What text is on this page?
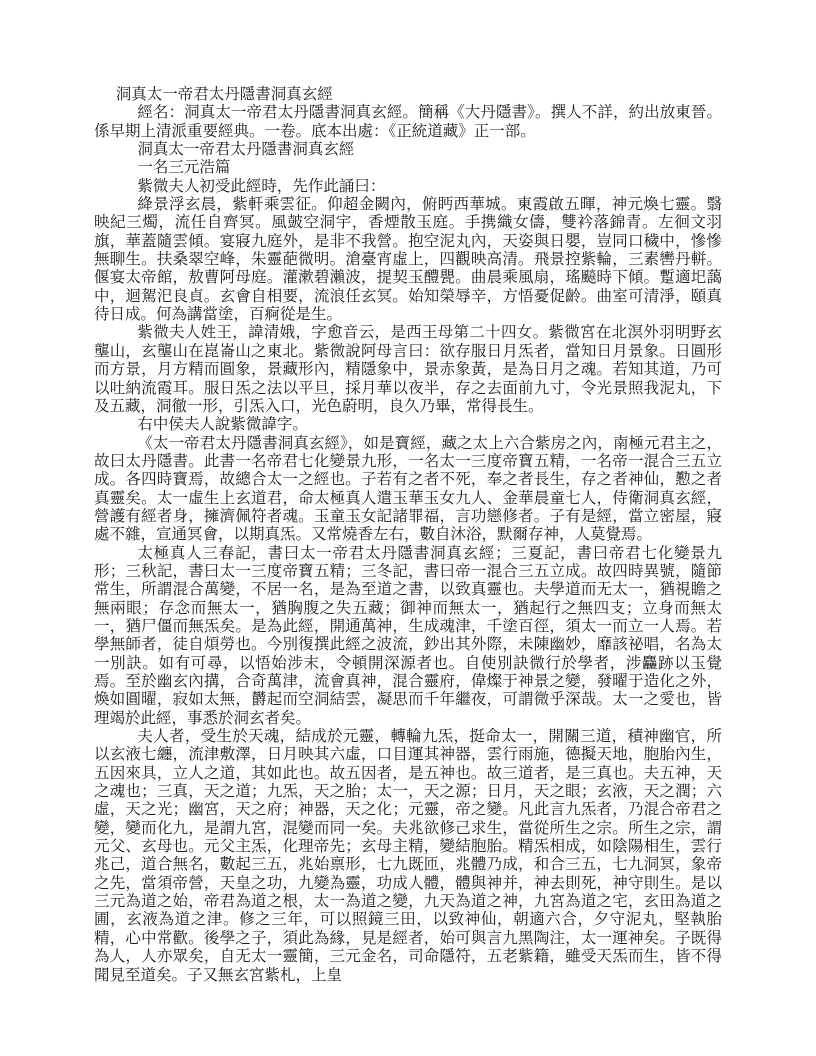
洞真太一帝君太丹隱書洞真玄經

經名：洞真太一帝君太丹隱書洞真玄經。簡稱《大丹隱書》。撰人不詳，約出放東晉。係早期上清派重要經典。一卷。底本出處：《正統道藏》正一部。

洞真太一帝君太丹隱書洞真玄經

一名三元浩篇

紫微夫人初受此經時，先作此誦曰：

絳景浮玄晨，紫軒乘雲征。仰超金闕內，俯眄西華城。東霞啟五暉，神元煥七靈。翳映紀三燭，流任自齊冥。風皷空洞宇，香煙散玉庭。手携織女儔，雙衿落錦青。左徊文羽旗，華蓋隨雲傾。宴寢九庭外，是非不我營。抱空泥丸內，天姿與日嬰，豈同口穢中，慘慘無聊生。扶桑翠空峰，朱靈葩微明。滄臺宵虛上，四觀映高清。飛景控紫輪，三素轡丹軿。偃宴太帝館，敖曹阿母庭。灌漱碧瀨波，提契玉醴甖。曲晨乘風扇，瑤飈時下傾。蹔適圯藹中，迴駕汜良貞。玄會自相要，流浪任玄冥。始知榮辱辛，方悟憂促齡。曲室可清淨，頤真待日成。何為講當塗，百痾從是生。

紫微夫人姓王，諱清娥，字愈音云，是西王母第二十四女。紫微宮在北溟外羽明野玄壟山，玄壟山在崑崙山之東北。紫微說阿母言曰：欲存服日月炁者，當知日月景象。日圓形而方景，月方精而圓象，景藏形內，精隱象中，景赤象黃，是為日月之魂。若知其道，乃可以吐納流霞耳。服日炁之法以平旦，採月華以夜半，存之去面前九寸，令光景照我泥丸，下及五藏，洞徹一形，引炁入口，光色蔚明，良久乃畢，常得長生。

右中侯夫人說紫微諱字。

《太一帝君太丹隱書洞真玄經》，如是寶經，藏之太上六合紫房之內，南極元君主之，故曰太丹隱書。此書一名帝君七化變景九形，一名太一三度帝寶五精，一名帝一混合三五立成。各四時寶焉，故總合太一之經也。子若有之者不死，奉之者長生，存之者神仙，懃之者真靈矣。太一虛生上玄道君，命太極真人遣玉華玉女九人、金華晨童七人，侍衛洞真玄經，營護有經者身，擁濟佩符者魂。玉童玉女記諸罪福，言功戀修者。子有是經，當立密屋，寢處不雜，宣通冥會，以期真炁。又常燒香左右，數自沐浴，默爾存神，人莫覺焉。

太極真人三春記，書曰太一帝君太丹隱書洞真玄經；三夏記，書曰帝君七化變景九形；三秋記，書曰太一三度帝寶五精；三冬記，書曰帝一混合三五立成。故四時異號，隨節常生，所謂混合萬變，不居一名，是為至道之書，以致真靈也。夫學道而无太一，猶視瞻之無兩眼；存念而無太一，猶胸腹之失五藏；御神而無太一，猶起行之無四支；立身而無太一，猶尸僵而無炁矣。是為此經，開通萬神，生成魂津，千塗百徑，須太一而立一人焉。若學無師者，徒自煩勞也。今別復撰此經之波流，鈔出其外際，未陳幽妙，靡該祕唱，名為太一別訣。如有可尋，以悟始涉末，令頓開深源者也。自使別訣微行於學者，涉麤跡以玉覺焉。至於幽玄內搆，合奇萬津，流會真神，混合靈府，偉燦于神景之變，發曜于造化之外，煥如圓曜，寂如太無，欝起而空洞結雲，凝思而千年繼夜，可謂微乎深哉。太一之愛也，皆理竭於此經，事悉於洞玄者矣。

夫人者，受生於天魂，結成於元靈，轉輪九炁，挺命太一，開關三道，積神幽官，所以玄液七纏，流津敷澤，日月映其六虛，口目運其神器，雲行雨施，德擬天地，胞胎內生，五因來具，立人之道，其如此也。故五因者，是五神也。故三道者，是三真也。夫五神，天之魂也；三真，天之道；九炁，天之胎；太一，天之源；日月，天之眼；玄液，天之潤；六虛，天之光；幽宮，天之府；神器，天之化；元靈，帝之變。凡此言九炁者，乃混合帝君之變，變而化九，是謂九宮，混變而同一矣。夫兆欲修己求生，當從所生之宗。所生之宗，謂元父、玄母也。元父主炁，化理帝先；玄母主精，變結胞胎。精炁相成，如陰陽相生，雲行兆己，道合無名，數起三五，兆始禀形，七九既匝，兆體乃成，和合三五，七九洞冥，象帝之先，當須帝營，天皇之功，九變為靈，功成人體，體與神并，神去則死，神守則生。是以三元為道之始，帝君為道之根，太一為道之變，九天為道之神，九宮為道之宅，玄田為道之圃，玄液為道之津。修之三年，可以照鏡三田，以致神仙，朝適六合，夕守泥丸，堅執胎精，心中常歡。後學之子，須此為緣，見是經者，始可與言九黑陶注，太一運神矣。子既得為人，人亦眾矣，自无太一靈簡，三元金名，司命隱符，五老紫籍，雖受天炁而生，皆不得聞見至道矣。子又無玄宮紫札，上皇
